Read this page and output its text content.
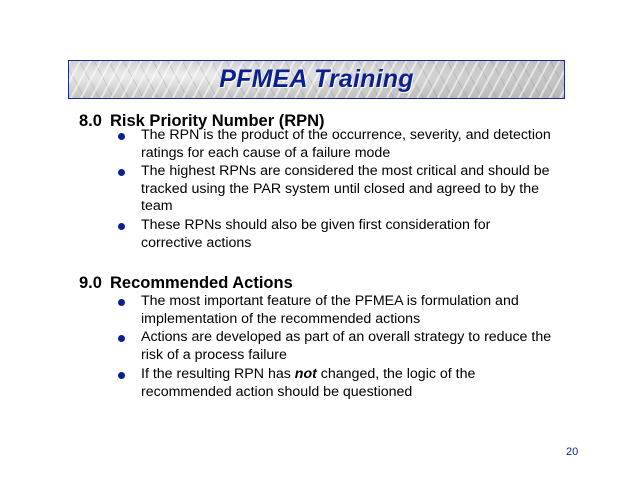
PFMEA Training
8.0 Risk Priority Number (RPN)
The RPN is the product of the occurrence, severity, and detection
ratings for each cause of a failure mode
The highest RPNs are considered the most critical and should be
tracked using the PAR system until closed and agreed to by the
team
These RPNs should also be given first consideration for
corrective actions
9.0 Recommended Actions
The most important feature of the PFMEA is formulation and
implementation of the recommended actions
Actions are developed as part of an overall strategy to reduce the
risk of a process failure
If the resulting RPN has not changed, the logic of the
recommended action should be questioned
20
